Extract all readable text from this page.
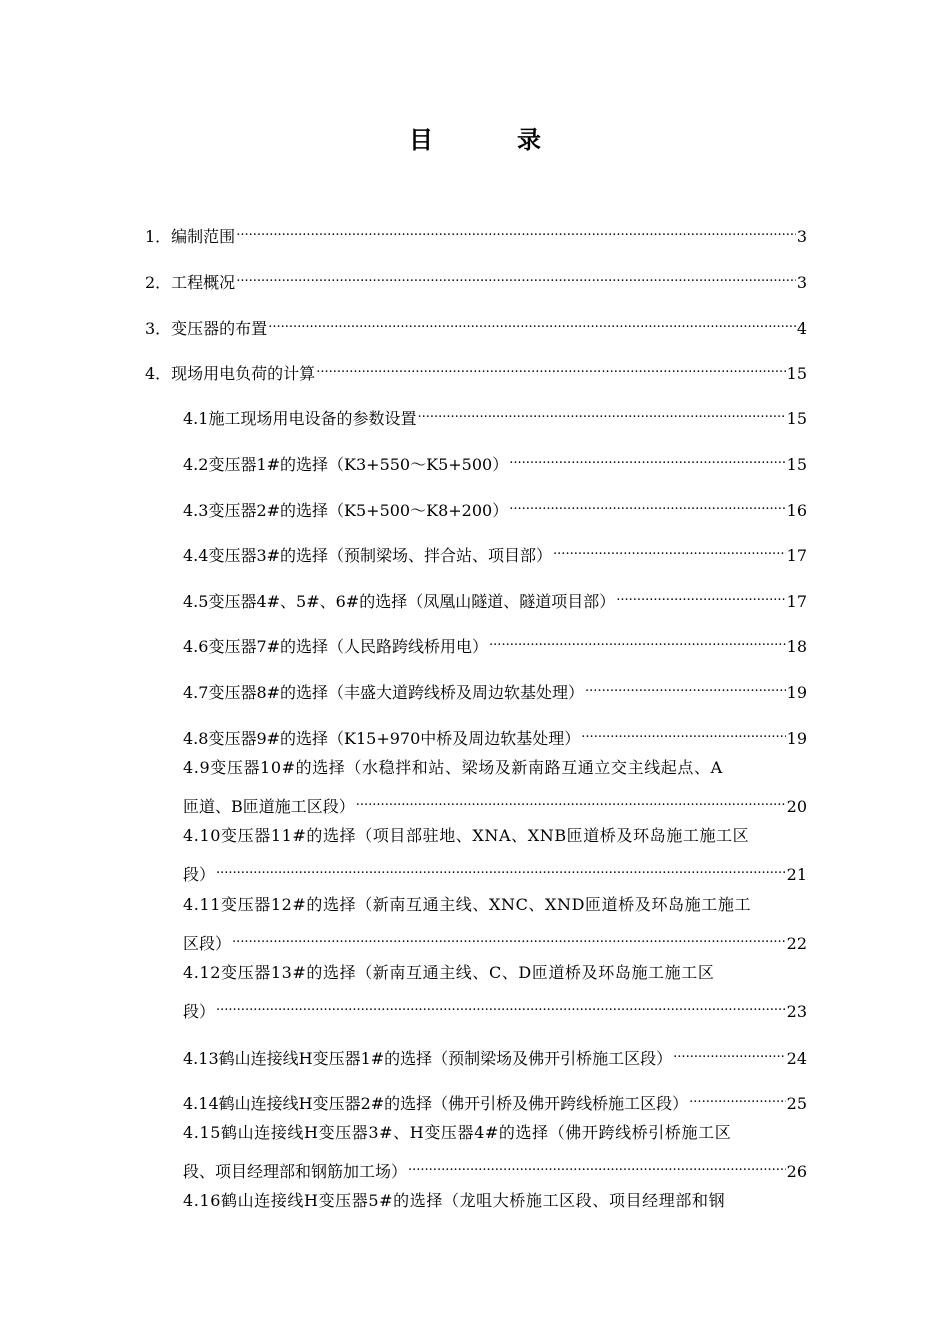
目　录
1．编制范围 .....	3
2．工程概况 .....	3
3．变压器的布置 .....	4
4．现场用电负荷的计算 .....	15
4.1施工现场用电设备的参数设置 .....	15
4.2变压器1#的选择（K3+550～K5+500） .....	15
4.3变压器2#的选择（K5+500～K8+200） .....	16
4.4变压器3#的选择（预制梁场、拌合站、项目部） .....	17
4.5变压器4#、5#、6#的选择（凤凰山隧道、隧道项目部） .....	17
4.6变压器7#的选择（人民路跨线桥用电） .....	18
4.7变压器8#的选择（丰盛大道跨线桥及周边软基处理） .....	19
4.8变压器9#的选择（K15+970中桥及周边软基处理） .....	19
4.9变压器10#的选择（水稳拌和站、梁场及新南路互通立交主线起点、A
匝道、B匝道施工区段） .....	20
4.10变压器11#的选择（项目部驻地、XNA、XNB匝道桥及环岛施工施工区
段） .....	21
4.11变压器12#的选择（新南互通主线、XNC、XND匝道桥及环岛施工施工
区段） .....	22
4.12变压器13#的选择（新南互通主线、C、D匝道桥及环岛施工施工区
段） .....	23
4.13鹤山连接线H变压器1#的选择（预制梁场及佛开引桥施工区段） .....	24
4.14鹤山连接线H变压器2#的选择（佛开引桥及佛开跨线桥施工区段） .....	25
4.15鹤山连接线H变压器3#、H变压器4#的选择（佛开跨线桥引桥施工区
段、项目经理部和钢筋加工场） .....	26
4.16鹤山连接线H变压器5#的选择（龙咀大桥施工区段、项目经理部和钢
